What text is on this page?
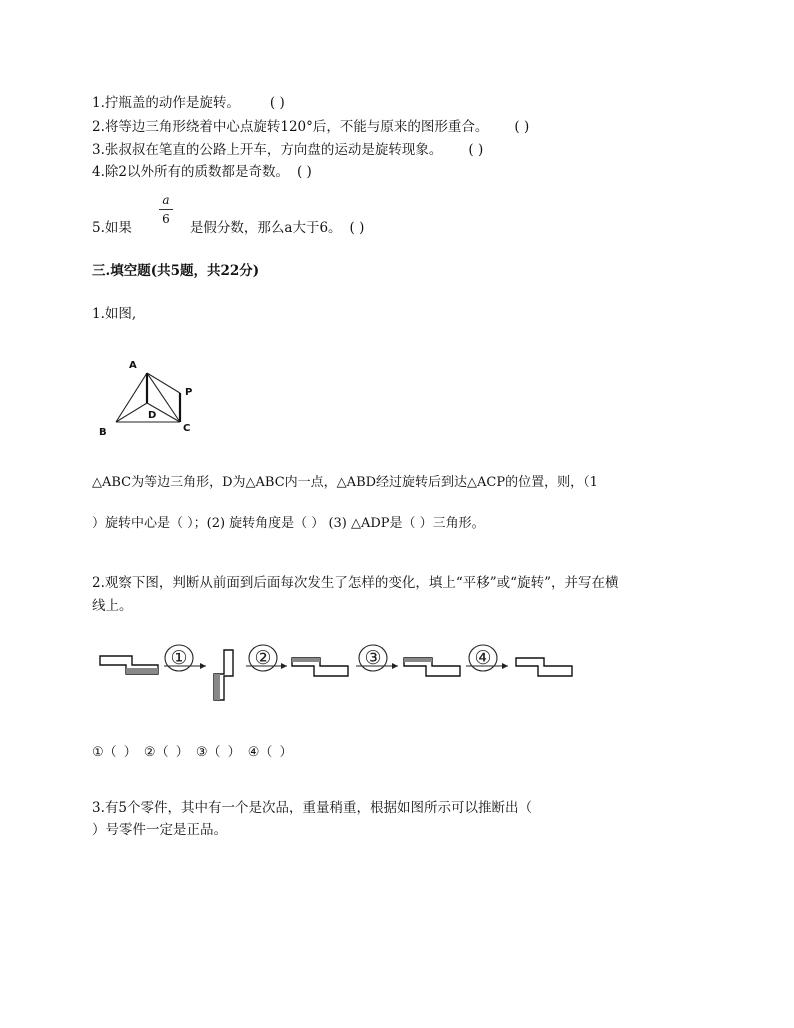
1.拧瓶盖的动作是旋转。 ( )
2.将等边三角形绕着中心点旋转120°后，不能与原来的图形重合。 ( )
3.张叔叔在笔直的公路上开车，方向盘的运动是旋转现象。 ( )
4.除2以外所有的质数都是奇数。 ( )
a
6
5.如果	是假分数，那么a大于6。 ( )
三.填空题(共5题，共22分)
1.如图,
A
B	C
D
P
△ABC为等边三角形，D为△ABC内一点，△ABD经过旋转后到达△ACP的位置，则，（1
）旋转中心是（ ）；(2) 旋转角度是（ ） (3) △ADP是（ ）三角形。
2.观察下图，判断从前面到后面每次发生了怎样的变化，填上“平移”或“旋转”，并写在横
线上。
①	②	③	④
①（ ） ②（ ） ③（ ） ④（ ）
3.有5个零件，其中有一个是次品，重量稍重，根据如图所示可以推断出（
）号零件一定是正品。
